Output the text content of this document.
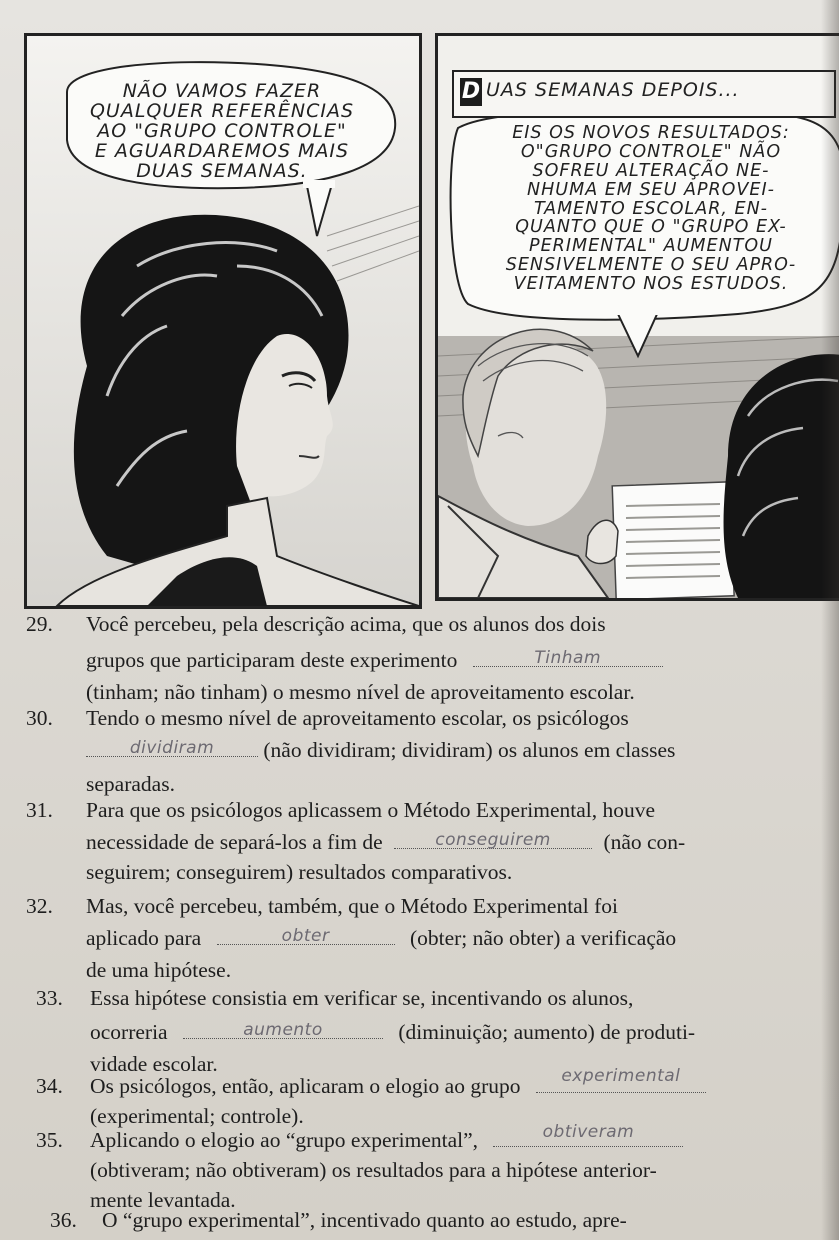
NÃO VAMOS FAZER
QUALQUER REFERÊNCIAS
AO "GRUPO CONTROLE"
E AGUARDAREMOS MAIS
DUAS SEMANAS.
D UAS SEMANAS DEPOIS...
EIS OS NOVOS RESULTADOS:
O"GRUPO CONTROLE" NÃO
SOFREU ALTERAÇÃO NE-
NHUMA EM SEU APROVEI-
TAMENTO ESCOLAR, EN-
QUANTO QUE O "GRUPO EX-
PERIMENTAL" AUMENTOU
SENSIVELMENTE O SEU APRO-
VEITAMENTO NOS ESTUDOS.
29.	Você percebeu, pela descrição acima, que os alunos dos dois
grupos que participaram deste experimento	Tinham
(tinham; não tinham) o mesmo nível de aproveitamento escolar.
30.	Tendo o mesmo nível de aproveitamento escolar, os psicólogos
dividiram	(não dividiram; dividiram) os alunos em classes
separadas.
31.	Para que os psicólogos aplicassem o Método Experimental, houve
necessidade de separá-los a fim de	conseguirem	(não con-
seguirem; conseguirem) resultados comparativos.
32.	Mas, você percebeu, também, que o Método Experimental foi
aplicado para	obter	(obter; não obter) a verificação
de uma hipótese.
33.	Essa hipótese consistia em verificar se, incentivando os alunos,
ocorreria	aumento	(diminuição; aumento) de produti-
vidade escolar.
34.	Os psicólogos, então, aplicaram o elogio ao grupo	experimental
(experimental; controle).
35.	Aplicando o elogio ao “grupo experimental”,	obtiveram
(obtiveram; não obtiveram) os resultados para a hipótese anterior-
mente levantada.
36.	O “grupo experimental”, incentivado quanto ao estudo, apre-
